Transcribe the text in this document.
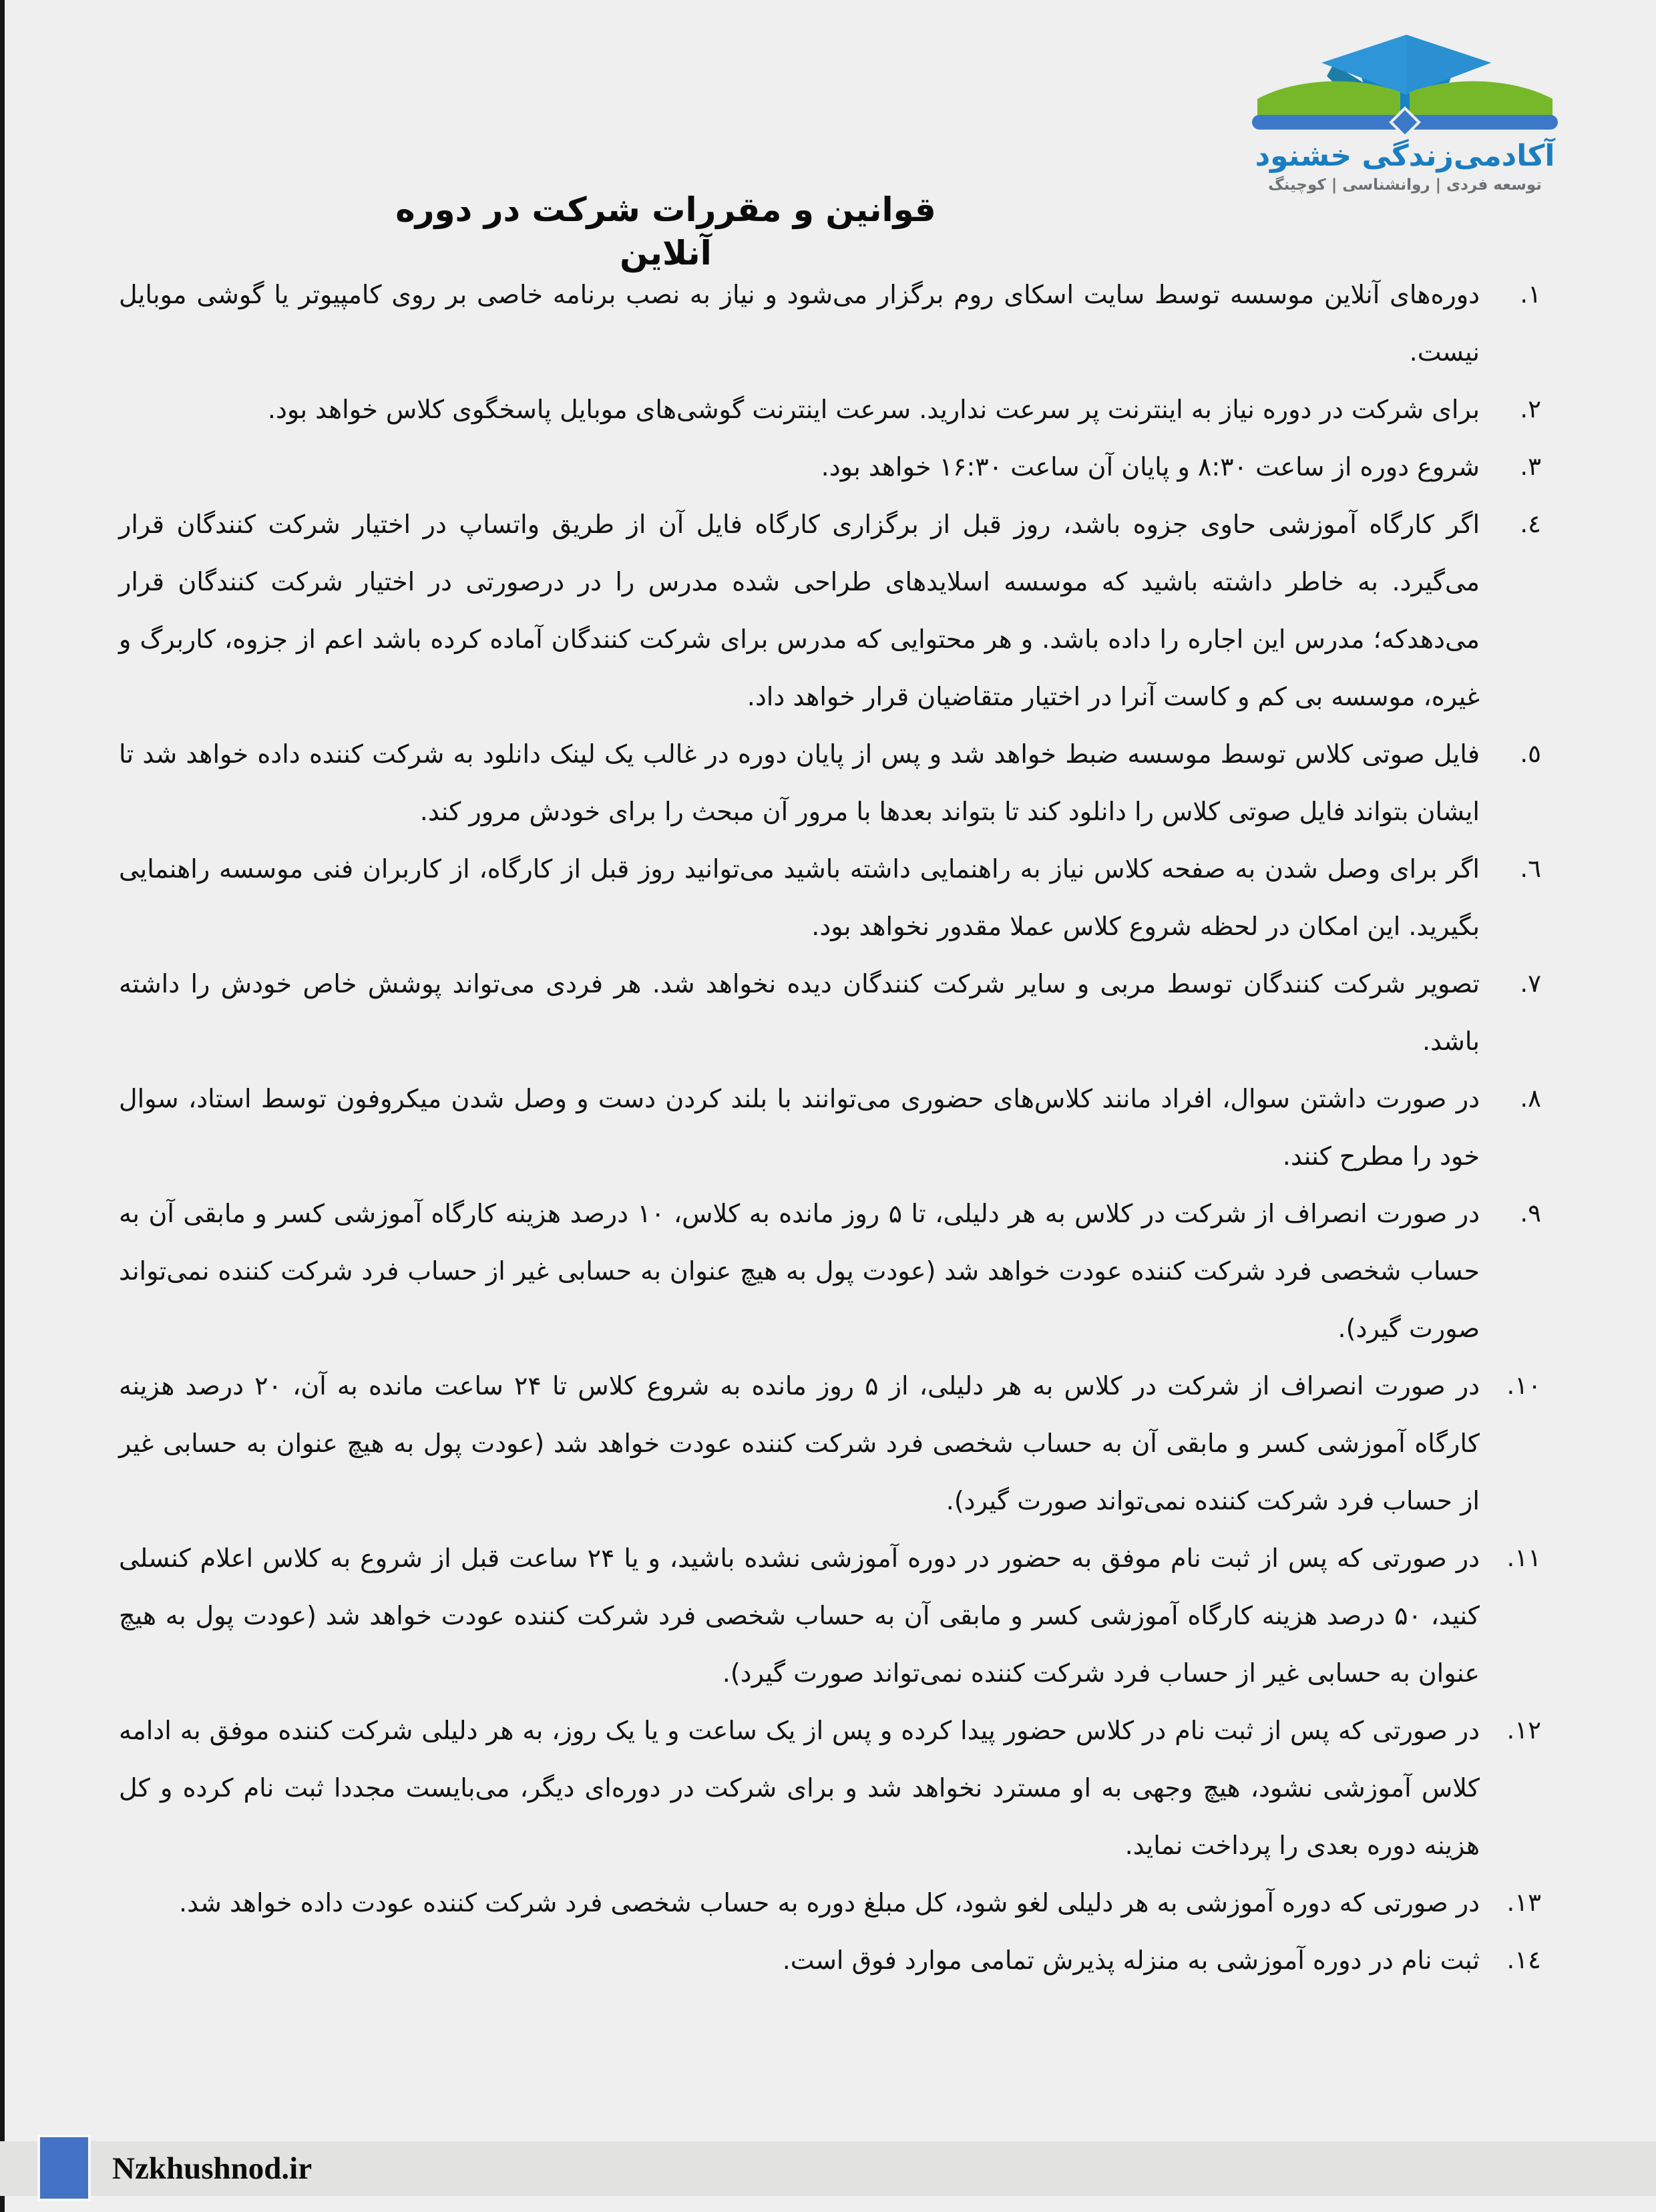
آکادمی‌زندگی خشنود
توسعه فردی | روانشناسی | کوچینگ
قوانین و مقررات شرکت در دوره آنلاین
١.

دوره‌های آنلاین موسسه توسط سایت اسکای روم برگزار می‌شود و نیاز به نصب برنامه خاصی بر روی کامپیوتر یا گوشی موبایل نیست.

٢.

برای شرکت در دوره نیاز به اینترنت پر سرعت ندارید. سرعت اینترنت گوشی‌های موبایل پاسخگوی کلاس خواهد بود.

٣.

شروع دوره از ساعت ۸:۳۰ و پایان آن ساعت ۱۶:۳۰ خواهد بود.

٤.

اگر کارگاه آموزشی حاوی جزوه باشد، روز قبل از برگزاری کارگاه فایل آن از طریق واتساپ در اختیار شرکت کنندگان قرار می‌گیرد. به خاطر داشته باشید که موسسه اسلایدهای طراحی شده مدرس را در درصورتی در اختیار شرکت کنندگان قرار می‌دهدکه؛ مدرس این اجاره را داده باشد. و هر محتوایی که مدرس برای شرکت کنندگان آماده کرده باشد اعم از جزوه، کاربرگ و غیره، موسسه بی کم و کاست آنرا در اختیار متقاضیان قرار خواهد داد.

٥.

فایل صوتی کلاس توسط موسسه ضبط خواهد شد و پس از پایان دوره در غالب یک لینک دانلود به شرکت کننده داده خواهد شد تا ایشان بتواند فایل صوتی کلاس را دانلود کند تا بتواند بعدها با مرور آن مبحث را برای خودش مرور کند.

٦.

اگر برای وصل شدن به صفحه کلاس نیاز به راهنمایی داشته باشید می‌توانید روز قبل از کارگاه، از کاربران فنی موسسه راهنمایی بگیرید. این امکان در لحظه شروع کلاس عملا مقدور نخواهد بود.

٧.

تصویر شرکت کنندگان توسط مربی و سایر شرکت کنندگان دیده نخواهد شد. هر فردی می‌تواند پوشش خاص خودش را داشته باشد.

٨.

در صورت داشتن سوال، افراد مانند کلاس‌های حضوری می‌توانند با بلند کردن دست و وصل شدن میکروفون توسط استاد، سوال خود را مطرح کنند.

٩.

در صورت انصراف از شرکت در کلاس به هر دلیلی، تا ۵ روز مانده به کلاس، ۱۰ درصد هزینه کارگاه آموزشی کسر و مابقی آن به حساب شخصی فرد شرکت کننده عودت خواهد شد (عودت پول به هیچ عنوان به حسابی غیر از حساب فرد شرکت کننده نمی‌تواند صورت گیرد).

١٠.

در صورت انصراف از شرکت در کلاس به هر دلیلی، از ۵ روز مانده به شروع کلاس تا ۲۴ ساعت مانده به آن، ۲۰ درصد هزینه کارگاه آموزشی کسر و مابقی آن به حساب شخصی فرد شرکت کننده عودت خواهد شد (عودت پول به هیچ عنوان به حسابی غیر از حساب فرد شرکت کننده نمی‌تواند صورت گیرد).

١١.

در صورتی که پس از ثبت نام موفق به حضور در دوره آموزشی نشده باشید، و یا ۲۴ ساعت قبل از شروع به کلاس اعلام کنسلی کنید، ۵۰ درصد هزینه کارگاه آموزشی کسر و مابقی آن به حساب شخصی فرد شرکت کننده عودت خواهد شد (عودت پول به هیچ عنوان به حسابی غیر از حساب فرد شرکت کننده نمی‌تواند صورت گیرد).

١٢.

در صورتی که پس از ثبت نام در کلاس حضور پیدا کرده و پس از یک ساعت و یا یک روز، به هر دلیلی شرکت کننده موفق به ادامه کلاس آموزشی نشود، هیچ وجهی به او مسترد نخواهد شد و برای شرکت در دوره‌ای دیگر، می‌بایست مجددا ثبت نام کرده و کل هزینه دوره بعدی را پرداخت نماید.

١٣.

در صورتی که دوره آموزشی به هر دلیلی لغو شود، کل مبلغ دوره به حساب شخصی فرد شرکت کننده عودت داده خواهد شد.

١٤.

ثبت نام در دوره آموزشی به منزله پذیرش تمامی موارد فوق است.

Nzkhushnod.ir
